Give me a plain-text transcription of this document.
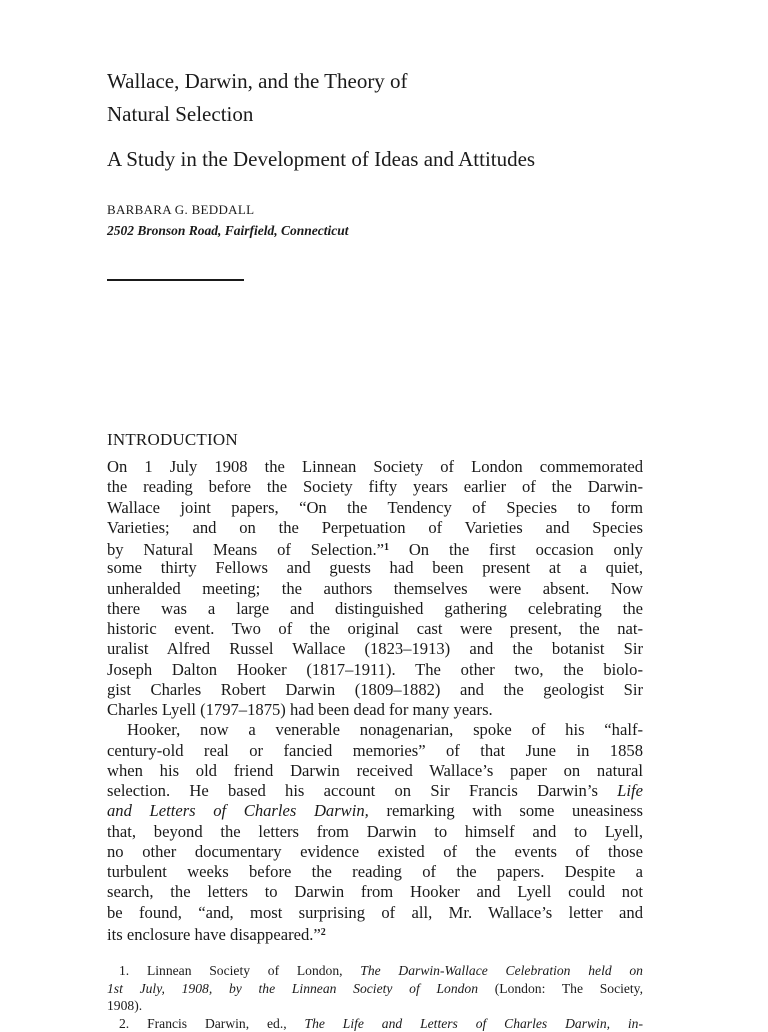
Wallace, Darwin, and the Theory of
Natural Selection
A Study in the Development of Ideas and Attitudes
BARBARA G. BEDDALL
2502 Bronson Road, Fairfield, Connecticut
INTRODUCTION
On 1 July 1908 the Linnean Society of London commemorated
the reading before the Society fifty years earlier of the Darwin-
Wallace joint papers, “On the Tendency of Species to form
Varieties; and on the Perpetuation of Varieties and Species
by Natural Means of Selection.”$^1$ On the first occasion only
some thirty Fellows and guests had been present at a quiet,
unheralded meeting; the authors themselves were absent. Now
there was a large and distinguished gathering celebrating the
historic event. Two of the original cast were present, the nat-
uralist Alfred Russel Wallace (1823–1913) and the botanist Sir
Joseph Dalton Hooker (1817–1911). The other two, the biolo-
gist Charles Robert Darwin (1809–1882) and the geologist Sir
Charles Lyell (1797–1875) had been dead for many years.
Hooker, now a venerable nonagenarian, spoke of his “half-
century-old real or fancied memories” of that June in 1858
when his old friend Darwin received Wallace’s paper on natural
selection. He based his account on Sir Francis Darwin’s Life
and Letters of Charles Darwin, remarking with some uneasiness
that, beyond the letters from Darwin to himself and to Lyell,
no other documentary evidence existed of the events of those
turbulent weeks before the reading of the papers. Despite a
search, the letters to Darwin from Hooker and Lyell could not
be found, “and, most surprising of all, Mr. Wallace’s letter and
its enclosure have disappeared.”$^2$
1. Linnean Society of London, The Darwin-Wallace Celebration held on
1st July, 1908, by the Linnean Society of London (London: The Society,
1908).
2. Francis Darwin, ed., The Life and Letters of Charles Darwin, in-
